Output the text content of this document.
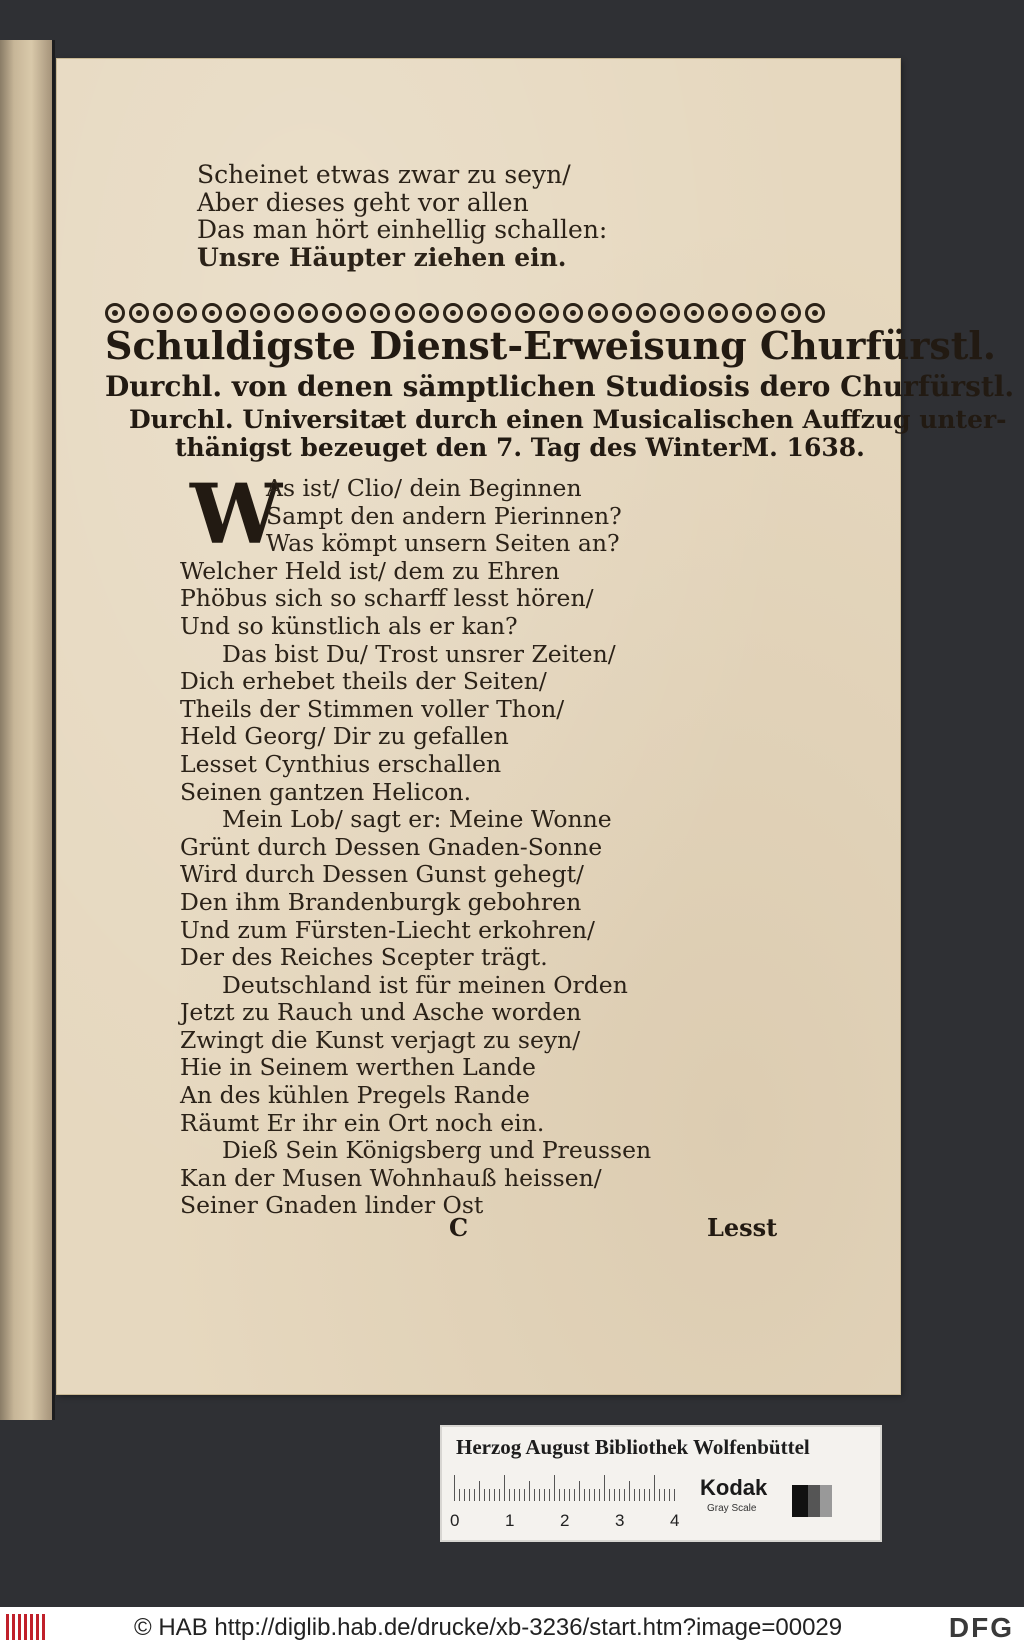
Scheinet etwas zwar zu seyn/
Aber dieses geht vor allen
Das man hört einhellig schallen:
Unsre Häupter ziehen ein.
Schuldigste Dienst-Erweisung Churfürstl.
Durchl. von denen sämptlichen Studiosis dero Churfürstl.
Durchl. Universitæt durch einen Musicalischen Auffzug unter-
thänigst bezeuget den 7. Tag des WinterM. 1638.
W
As ist/ Clio/ dein Beginnen
Sampt den andern Pierinnen?
Was kömpt unsern Seiten an?
Welcher Held ist/ dem zu Ehren
Phöbus sich so scharff lesst hören/
Und so künstlich als er kan?
Das bist Du/ Trost unsrer Zeiten/
Dich erhebet theils der Seiten/
Theils der Stimmen voller Thon/
Held Georg/ Dir zu gefallen
Lesset Cynthius erschallen
Seinen gantzen Helicon.
Mein Lob/ sagt er: Meine Wonne
Grünt durch Dessen Gnaden-Sonne
Wird durch Dessen Gunst gehegt/
Den ihm Brandenburgk gebohren
Und zum Fürsten-Liecht erkohren/
Der des Reiches Scepter trägt.
Deutschland ist für meinen Orden
Jetzt zu Rauch und Asche worden
Zwingt die Kunst verjagt zu seyn/
Hie in Seinem werthen Lande
An des kühlen Pregels Rande
Räumt Er ihr ein Ort noch ein.
Dieß Sein Königsberg und Preussen
Kan der Musen Wohnhauß heissen/
Seiner Gnaden linder Ost
C	Lesst
Herzog August Bibliothek Wolfenbüttel
0	1	2	3	4
Kodak
Gray Scale
© HAB http://diglib.hab.de/drucke/xb-3236/start.htm?image=00029	DFG
